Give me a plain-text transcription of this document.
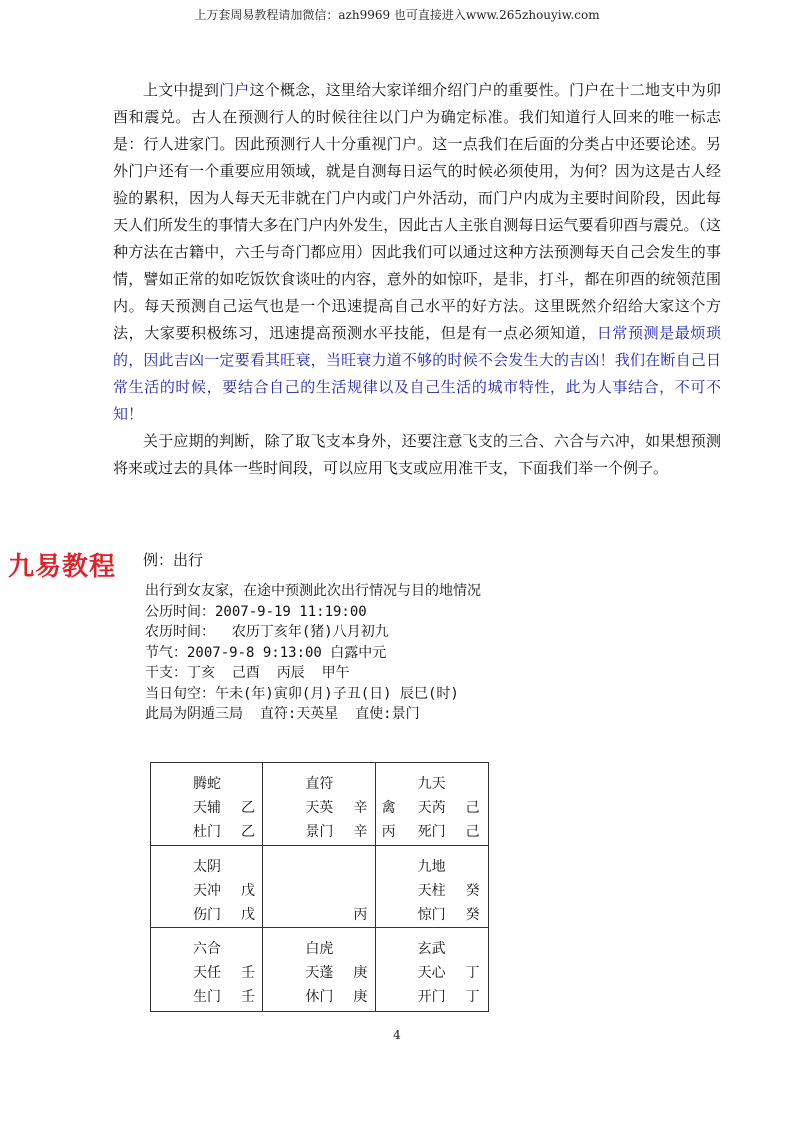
上万套周易教程请加微信：azh9969 也可直接进入www.265zhouyiw.com

上文中提到门户这个概念，这里给大家详细介绍门户的重要性。门户在十二地支中为卯酉和震兑。古人在预测行人的时候往往以门户为确定标准。我们知道行人回来的唯一标志是：行人进家门。因此预测行人十分重视门户。这一点我们在后面的分类占中还要论述。另外门户还有一个重要应用领域，就是自测每日运气的时候必须使用，为何？因为这是古人经验的累积，因为人每天无非就在门户内或门户外活动，而门户内成为主要时间阶段，因此每天人们所发生的事情大多在门户内外发生，因此古人主张自测每日运气要看卯酉与震兑。（这种方法在古籍中，六壬与奇门都应用）因此我们可以通过这种方法预测每天自己会发生的事情，譬如正常的如吃饭饮食谈吐的内容，意外的如惊吓，是非，打斗，都在卯酉的统领范围内。每天预测自己运气也是一个迅速提高自己水平的好方法。这里既然介绍给大家这个方法，大家要积极练习，迅速提高预测水平技能，但是有一点必须知道，日常预测是最烦琐的，因此吉凶一定要看其旺衰，当旺衰力道不够的时候不会发生大的吉凶！我们在断自己日常生活的时候，要结合自己的生活规律以及自己生活的城市特性，此为人事结合，不可不知！

关于应期的判断，除了取飞支本身外，还要注意飞支的三合、六合与六冲，如果想预测将来或过去的具体一些时间段，可以应用飞支或应用准干支，下面我们举一个例子。

九易教程 例：出行
出行到女友家，在途中预测此次出行情况与目的地情况
公历时间：2007-9-19 11:19:00
农历时间：  农历丁亥年(猪)八月初九
节气：2007-9-8 9:13:00 白露中元
干支：丁亥  己酉  丙辰  甲午
当日旬空：午未(年)寅卯(月)子丑(日) 辰巳(时)
此局为阴遁三局  直符:天英星  直使:景门
腾蛇
天辅 乙
杜门 乙
直符
天英 辛
景门 辛
禽
丙
九天
天芮 己
死门 己
太阴
天冲 戊
伤门 戊	丙
九地
天柱 癸
惊门 癸
六合
天任 壬
生门 壬
白虎
天蓬 庚
休门 庚
玄武
天心 丁
开门 丁
4
